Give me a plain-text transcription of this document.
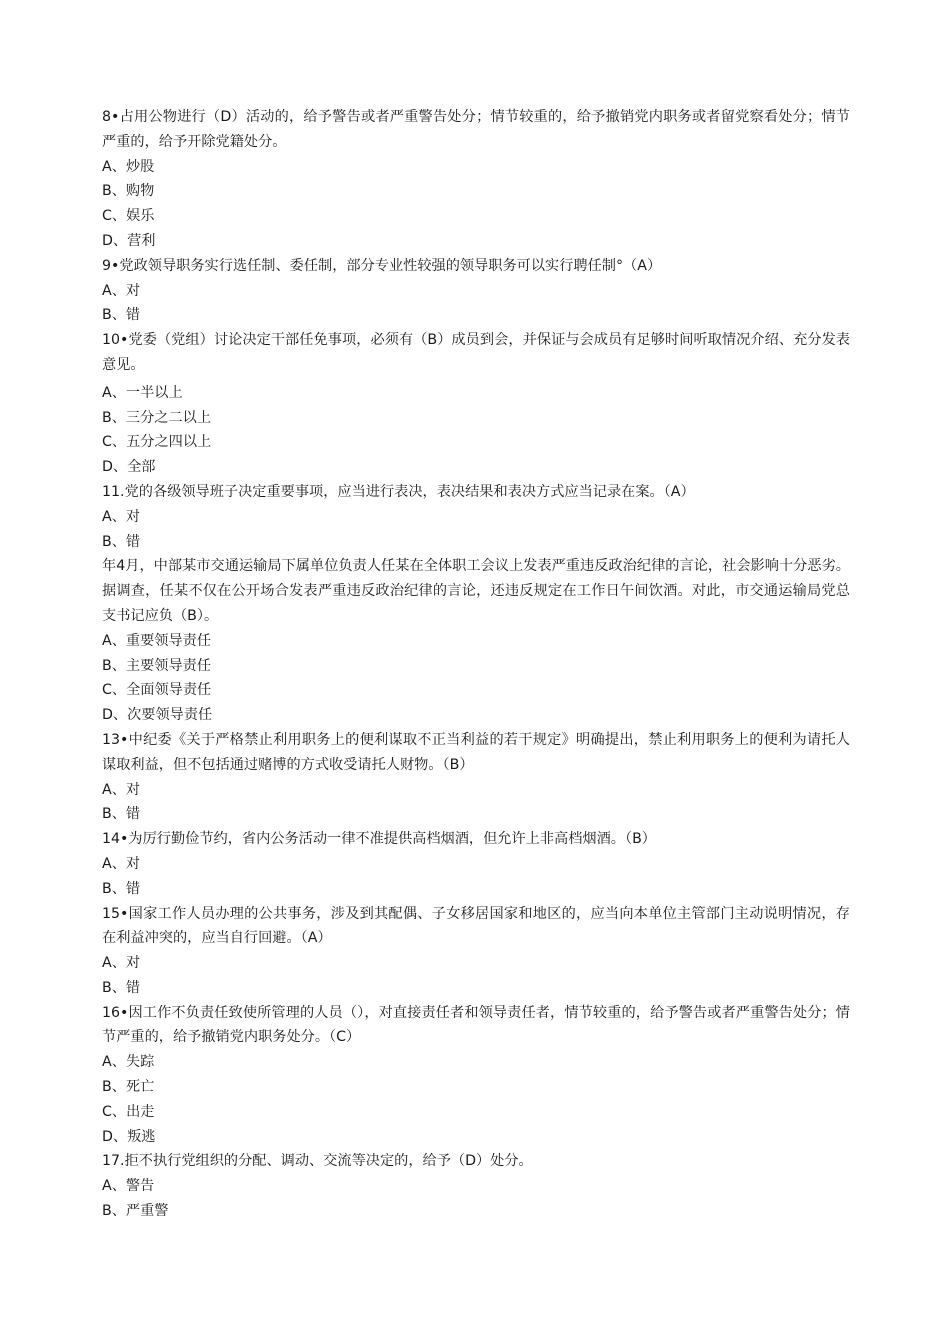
8•占用公物进行（D）活动的，给予警告或者严重警告处分；情节较重的，给予撤销党内职务或者留党察看处分；情节严重的，给予开除党籍处分。

A、炒股

B、购物

C、娱乐

D、营利

9•党政领导职务实行选任制、委任制，部分专业性较强的领导职务可以实行聘任制°（A）

A、对

B、错

10•党委（党组）讨论决定干部任免事项，必须有（B）成员到会，并保证与会成员有足够时间听取情况介绍、充分发表意见。

A、一半以上

B、三分之二以上

C、五分之四以上

D、全部

11.党的各级领导班子决定重要事项，应当进行表决，表决结果和表决方式应当记录在案。（A）

A、对

B、错

年4月，中部某市交通运输局下属单位负责人任某在全体职工会议上发表严重违反政治纪律的言论，社会影响十分恶劣。据调查，任某不仅在公开场合发表严重违反政治纪律的言论，还违反规定在工作日午间饮酒。对此，市交通运输局党总支书记应负（B）。

A、重要领导责任

B、主要领导责任

C、全面领导责任

D、次要领导责任

13•中纪委《关于严格禁止利用职务上的便利谋取不正当利益的若干规定》明确提出，禁止利用职务上的便利为请托人谋取利益，但不包括通过赌博的方式收受请托人财物。（B）

A、对

B、错

14•为厉行勤俭节约，省内公务活动一律不准提供高档烟酒，但允许上非高档烟酒。（B）

A、对

B、错

15•国家工作人员办理的公共事务，涉及到其配偶、子女移居国家和地区的，应当向本单位主管部门主动说明情况，存在利益冲突的，应当自行回避。（A）

A、对

B、错

16•因工作不负责任致使所管理的人员（），对直接责任者和领导责任者，情节较重的，给予警告或者严重警告处分；情节严重的，给予撤销党内职务处分。（C）

A、失踪

B、死亡

C、出走

D、叛逃

17.拒不执行党组织的分配、调动、交流等决定的，给予（D）处分。

A、警告

B、严重警
